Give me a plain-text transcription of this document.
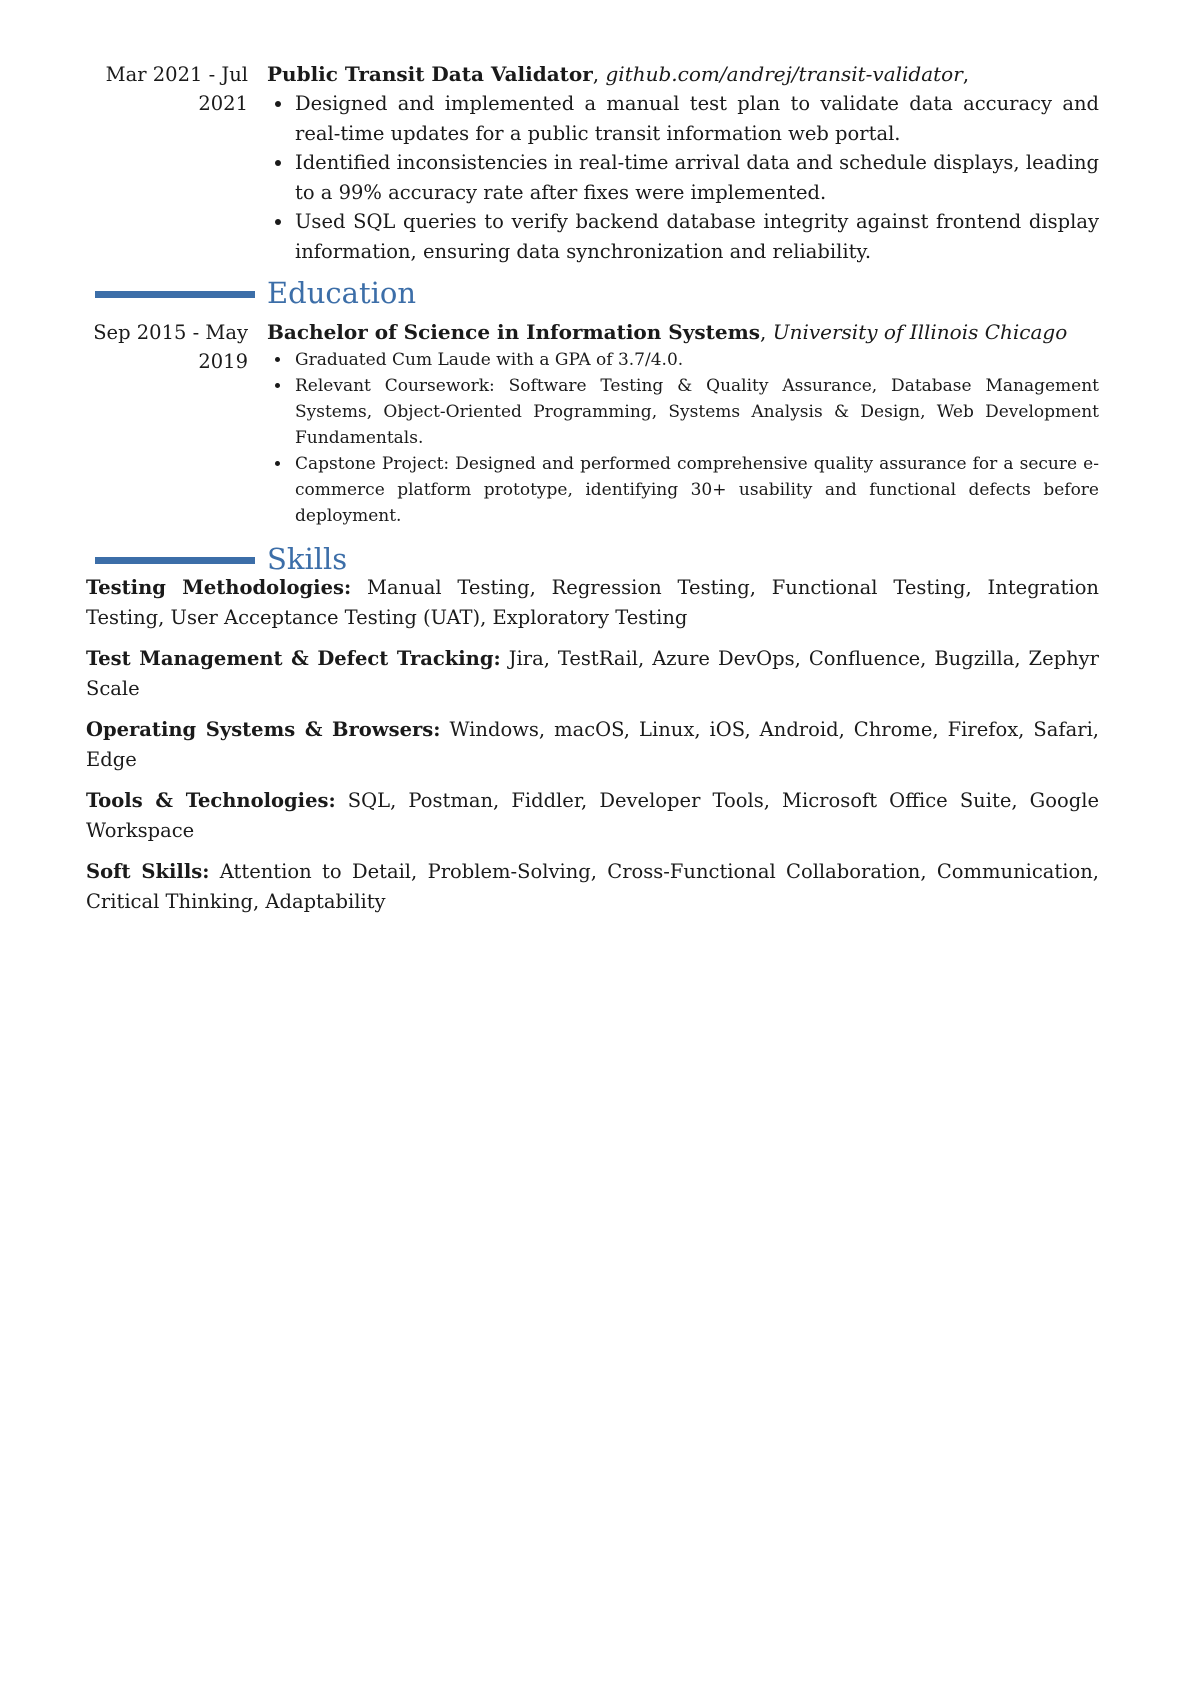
Mar 2021 - Jul
2021
Public Transit Data Validator, github.com/andrej/transit-validator,
Designed and implemented a manual test plan to validate data accuracy and real-time updates for a public transit information web portal.
Identified inconsistencies in real-time arrival data and schedule displays, leading to a 99% accuracy rate after fixes were implemented.
Used SQL queries to verify backend database integrity against frontend display information, ensuring data synchronization and reliability.
Education
Sep 2015 - May
2019
Bachelor of Science in Information Systems, University of Illinois Chicago
Graduated Cum Laude with a GPA of 3.7/4.0.
Relevant Coursework: Software Testing & Quality Assurance, Database Management Systems, Object-Oriented Programming, Systems Analysis & Design, Web Development Fundamentals.
Capstone Project: Designed and performed comprehensive quality assurance for a secure e-commerce platform prototype, identifying 30+ usability and functional defects before deployment.
Skills
Testing Methodologies: Manual Testing, Regression Testing, Functional Testing, Integration Testing, User Acceptance Testing (UAT), Exploratory Testing
Test Management & Defect Tracking: Jira, TestRail, Azure DevOps, Confluence, Bugzilla, Zephyr Scale
Operating Systems & Browsers: Windows, macOS, Linux, iOS, Android, Chrome, Firefox, Safari, Edge
Tools & Technologies: SQL, Postman, Fiddler, Developer Tools, Microsoft Office Suite, Google Workspace
Soft Skills: Attention to Detail, Problem-Solving, Cross-Functional Collaboration, Communication, Critical Thinking, Adaptability
